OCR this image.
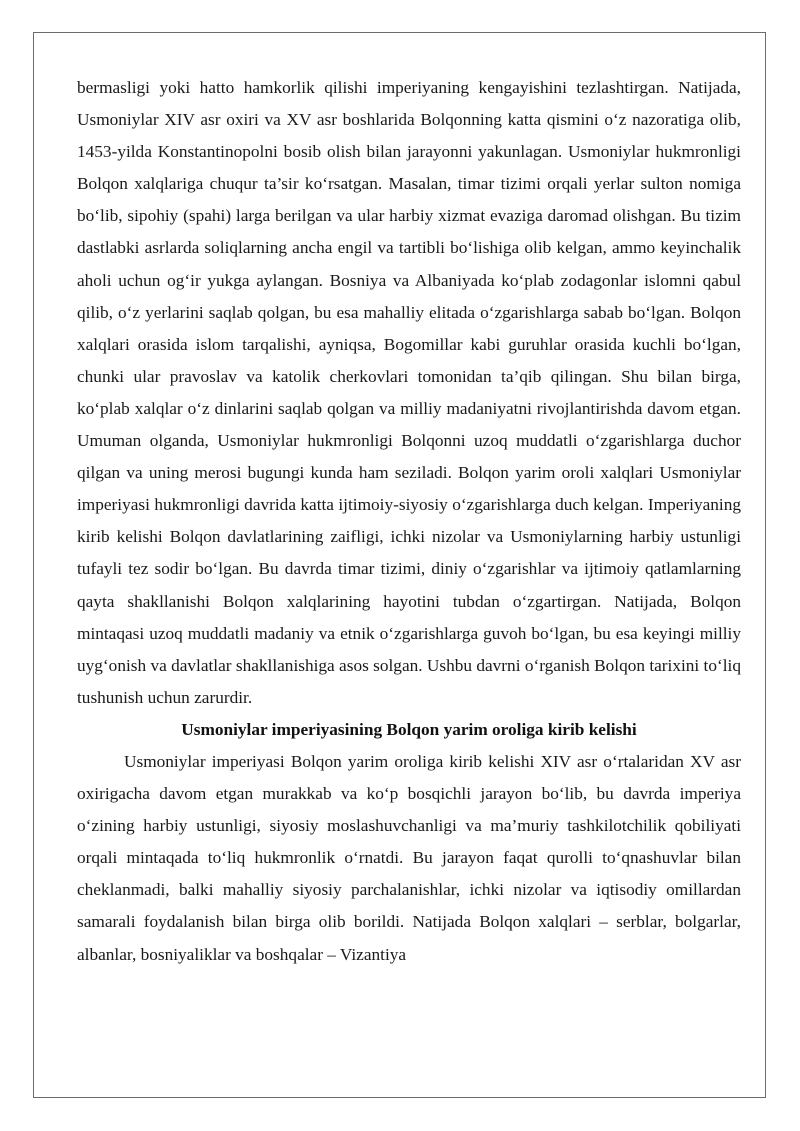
bermasligi yoki hatto hamkorlik qilishi imperiyaning kengayishini tezlashtirgan. Natijada, Usmoniylar XIV asr oxiri va XV asr boshlarida Bolqonning katta qismini o‘z nazoratiga olib, 1453-yilda Konstantinopolni bosib olish bilan jarayonni yakunlagan. Usmoniylar hukmronligi Bolqon xalqlariga chuqur ta’sir ko‘rsatgan. Masalan, timar tizimi orqali yerlar sulton nomiga bo‘lib, sipohiy (spahi) larga berilgan va ular harbiy xizmat evaziga daromad olishgan. Bu tizim dastlabki asrlarda soliqlarning ancha engil va tartibli bo‘lishiga olib kelgan, ammo keyinchalik aholi uchun og‘ir yukga aylangan. Bosniya va Albaniyada ko‘plab zodagonlar islomni qabul qilib, o‘z yerlarini saqlab qolgan, bu esa mahalliy elitada o‘zgarishlarga sabab bo‘lgan. Bolqon xalqlari orasida islom tarqalishi, ayniqsa, Bogomillar kabi guruhlar orasida kuchli bo‘lgan, chunki ular pravoslav va katolik cherkovlari tomonidan ta’qib qilingan. Shu bilan birga, ko‘plab xalqlar o‘z dinlarini saqlab qolgan va milliy madaniyatni rivojlantirishda davom etgan. Umuman olganda, Usmoniylar hukmronligi Bolqonni uzoq muddatli o‘zgarishlarga duchor qilgan va uning merosi bugungi kunda ham seziladi. Bolqon yarim oroli xalqlari Usmoniylar imperiyasi hukmronligi davrida katta ijtimoiy-siyosiy o‘zgarishlarga duch kelgan. Imperiyaning kirib kelishi Bolqon davlatlarining zaifligi, ichki nizolar va Usmoniylarning harbiy ustunligi tufayli tez sodir bo‘lgan. Bu davrda timar tizimi, diniy o‘zgarishlar va ijtimoiy qatlamlarning qayta shakllanishi Bolqon xalqlarining hayotini tubdan o‘zgartirgan. Natijada, Bolqon mintaqasi uzoq muddatli madaniy va etnik o‘zgarishlarga guvoh bo‘lgan, bu esa keyingi milliy uyg‘onish va davlatlar shakllanishiga asos solgan. Ushbu davrni o‘rganish Bolqon tarixini to‘liq tushunish uchun zarurdir.

Usmoniylar imperiyasining Bolqon yarim oroliga kirib kelishi

Usmoniylar imperiyasi Bolqon yarim oroliga kirib kelishi XIV asr o‘rtalaridan XV asr oxirigacha davom etgan murakkab va ko‘p bosqichli jarayon bo‘lib, bu davrda imperiya o‘zining harbiy ustunligi, siyosiy moslashuvchanligi va ma’muriy tashkilotchilik qobiliyati orqali mintaqada to‘liq hukmronlik o‘rnatdi. Bu jarayon faqat qurolli to‘qnashuvlar bilan cheklanmadi, balki mahalliy siyosiy parchalanishlar, ichki nizolar va iqtisodiy omillardan samarali foydalanish bilan birga olib borildi. Natijada Bolqon xalqlari – serblar, bolgarlar, albanlar, bosniyaliklar va boshqalar – Vizantiya
